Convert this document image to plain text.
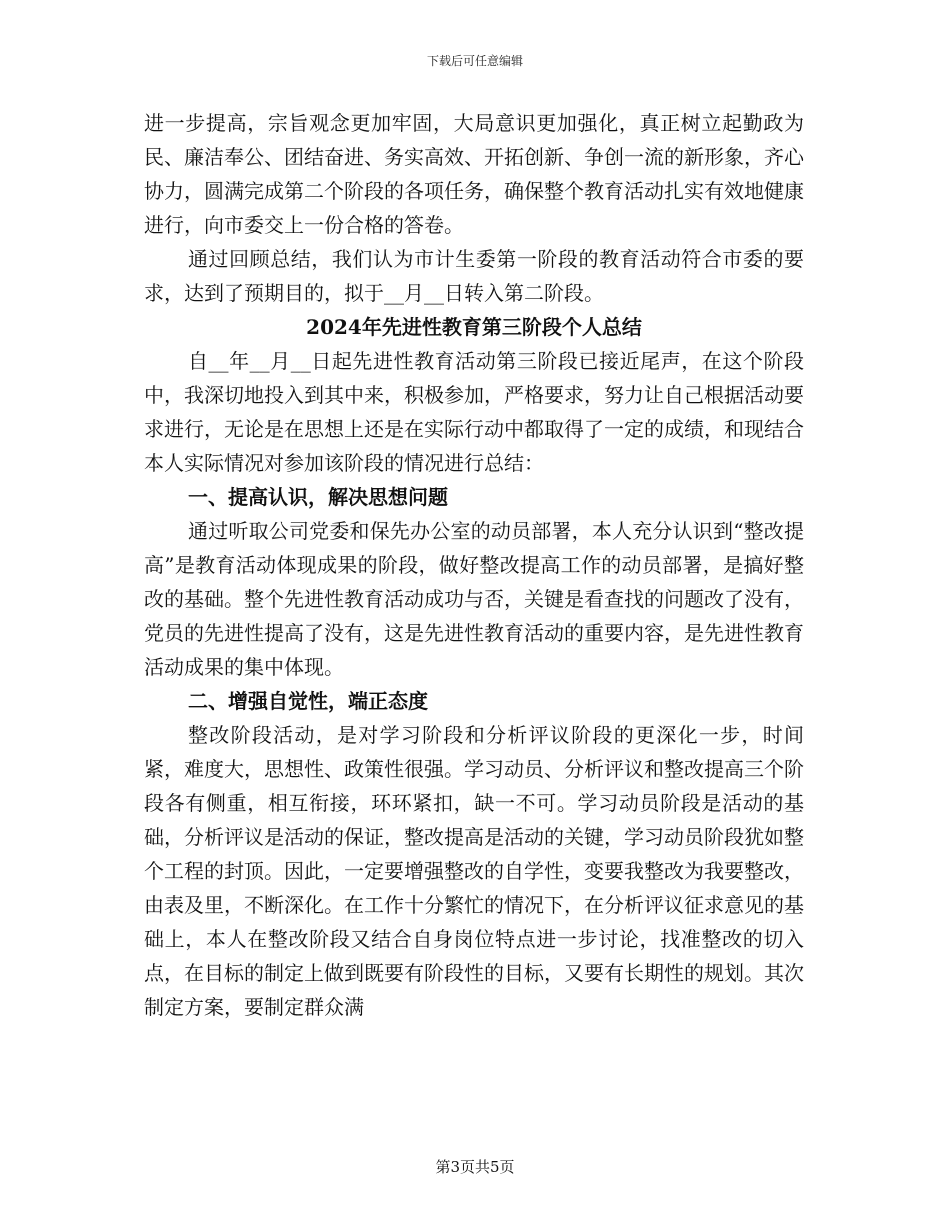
下载后可任意编辑

进一步提高，宗旨观念更加牢固，大局意识更加强化，真正树立起勤政为民、廉洁奉公、团结奋进、务实高效、开拓创新、争创一流的新形象，齐心协力，圆满完成第二个阶段的各项任务，确保整个教育活动扎实有效地健康进行，向市委交上一份合格的答卷。

通过回顾总结，我们认为市计生委第一阶段的教育活动符合市委的要求，达到了预期目的，拟于__月__日转入第二阶段。

2024年先进性教育第三阶段个人总结

自__年__月__日起先进性教育活动第三阶段已接近尾声，在这个阶段中，我深切地投入到其中来，积极参加，严格要求，努力让自己根据活动要求进行，无论是在思想上还是在实际行动中都取得了一定的成绩，和现结合本人实际情况对参加该阶段的情况进行总结：

一、提高认识，解决思想问题

通过听取公司党委和保先办公室的动员部署，本人充分认识到“整改提高”是教育活动体现成果的阶段，做好整改提高工作的动员部署，是搞好整改的基础。整个先进性教育活动成功与否，关键是看查找的问题改了没有，党员的先进性提高了没有，这是先进性教育活动的重要内容，是先进性教育活动成果的集中体现。

二、增强自觉性，端正态度

整改阶段活动，是对学习阶段和分析评议阶段的更深化一步，时间紧，难度大，思想性、政策性很强。学习动员、分析评议和整改提高三个阶段各有侧重，相互衔接，环环紧扣，缺一不可。学习动员阶段是活动的基础，分析评议是活动的保证，整改提高是活动的关键，学习动员阶段犹如整个工程的封顶。因此，一定要增强整改的自学性，变要我整改为我要整改，由表及里，不断深化。在工作十分繁忙的情况下，在分析评议征求意见的基础上，本人在整改阶段又结合自身岗位特点进一步讨论，找准整改的切入点，在目标的制定上做到既要有阶段性的目标，又要有长期性的规划。其次制定方案，要制定群众满

第3页共5页
